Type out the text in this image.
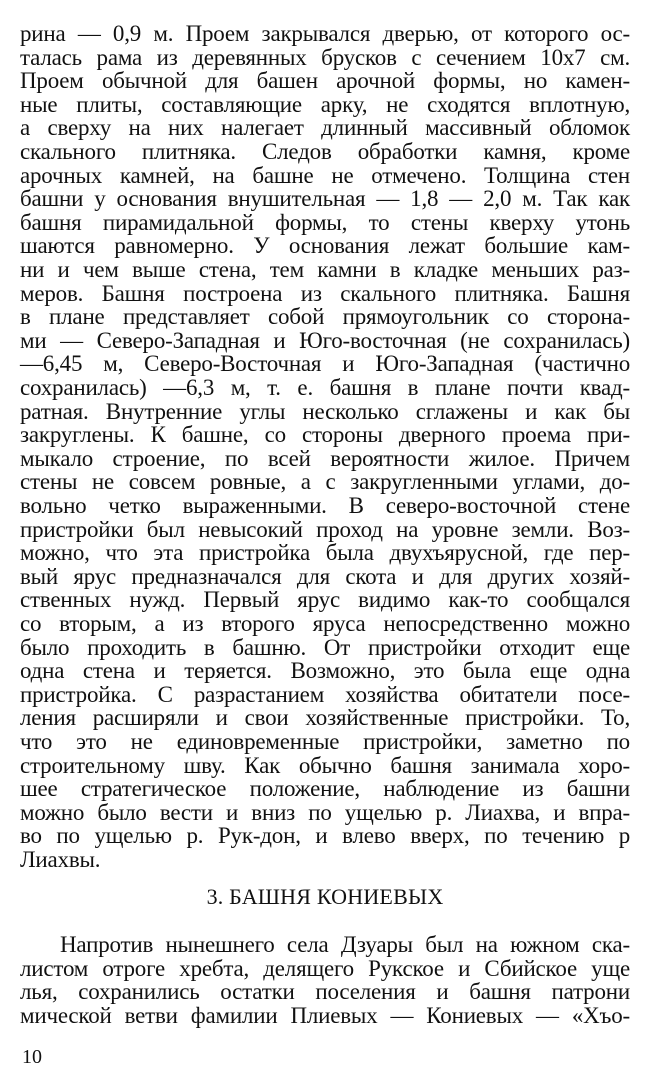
рина — 0,9 м. Проем закрывался дверью, от которого ос-
талась рама из деревянных брусков с сечением 10х7 см.
Проем обычной для башен арочной формы, но камен-
ные плиты, составляющие арку, не сходятся вплотную,
а сверху на них налегает длинный массивный обломок
скального плитняка. Следов обработки камня, кроме
арочных камней, на башне не отмечено. Толщина стен
башни у основания внушительная — 1,8 — 2,0 м. Так как
башня пирамидальной формы, то стены кверху утонь
шаются равномерно. У основания лежат большие кам-
ни и чем выше стена, тем камни в кладке меньших раз-
меров. Башня построена из скального плитняка. Башня
в плане представляет собой прямоугольник со сторона-
ми — Северо-Западная и Юго-восточная (не сохранилась)
—6,45 м, Северо-Восточная и Юго-Западная (частично
сохранилась) —6,3 м, т. е. башня в плане почти квад-
ратная. Внутренние углы несколько сглажены и как бы
закруглены. К башне, со стороны дверного проема при-
мыкало строение, по всей вероятности жилое. Причем
стены не совсем ровные, а с закругленными углами, до-
вольно четко выраженными. В северо-восточной стене
пристройки был невысокий проход на уровне земли. Воз-
можно, что эта пристройка была двухъярусной, где пер-
вый ярус предназначался для скота и для других хозяй-
ственных нужд. Первый ярус видимо как-то сообщался
со вторым, а из второго яруса непосредственно можно
было проходить в башню. От пристройки отходит еще
одна стена и теряется. Возможно, это была еще одна
пристройка. С разрастанием хозяйства обитатели посе-
ления расширяли и свои хозяйственные пристройки. То,
что это не единовременные пристройки, заметно по
строительному шву. Как обычно башня занимала хоро-
шее стратегическое положение, наблюдение из башни
можно было вести и вниз по ущелью р. Лиахва, и впра-
во по ущелью р. Рук-дон, и влево вверх, по течению р
Лиахвы.
3. БАШНЯ КОНИЕВЫХ
Напротив нынешнего села Дзуары был на южном ска-
листом отроге хребта, делящего Рукское и Сбийское уще
лья, сохранились остатки поселения и башня патрони
мической ветви фамилии Плиевых — Кониевых — «Хъо-
10
